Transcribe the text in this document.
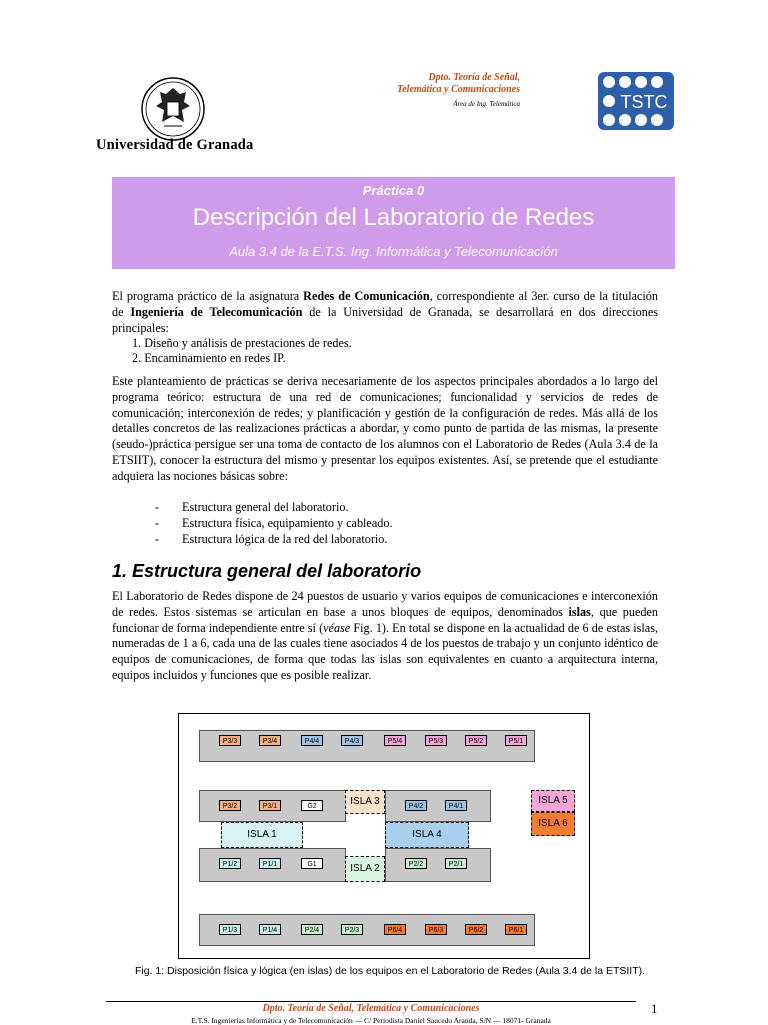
Universidad de Granada
Dpto. Teoría de Señal,
Telemática y Comunicaciones
Área de Ing. Telemática	TSTC
Práctica 0
Descripción del Laboratorio de Redes
Aula 3.4 de la E.T.S. Ing. Informática y Telecomunicación
El programa práctico de la asignatura Redes de Comunicación, correspondiente al 3er. curso de la titulación de Ingeniería de Telecomunicación de la Universidad de Granada, se desarrollará en dos direcciones principales:
1. Diseño y análisis de prestaciones de redes.
2. Encaminamiento en redes IP.
Este planteamiento de prácticas se deriva necesariamente de los aspectos principales abordados a lo largo del programa teórico: estructura de una red de comunicaciones; funcionalidad y servicios de redes de comunicación; interconexión de redes; y planificación y gestión de la configuración de redes. Más allá de los detalles concretos de las realizaciones prácticas a abordar, y como punto de partida de las mismas, la presente (seudo-)práctica persigue ser una toma de contacto de los alumnos con el Laboratorio de Redes (Aula 3.4 de la ETSIIT), conocer la estructura del mismo y presentar los equipos existentes. Así, se pretende que el estudiante adquiera las nociones básicas sobre:
- Estructura general del laboratorio.
- Estructura física, equipamiento y cableado.
- Estructura lógica de la red del laboratorio.
1. Estructura general del laboratorio
El Laboratorio de Redes dispone de 24 puestos de usuario y varios equipos de comunicaciones e interconexión de redes. Estos sistemas se articulan en base a unos bloques de equipos, denominados islas, que pueden funcionar de forma independiente entre sí (véase Fig. 1). En total se dispone en la actualidad de 6 de estas islas, numeradas de 1 a 6, cada una de las cuales tiene asociados 4 de los puestos de trabajo y un conjunto idéntico de equipos de comunicaciones, de forma que todas las islas son equivalentes en cuanto a arquitectura interna, equipos incluidos y funciones que es posible realizar.
ISLA 3
ISLA 1	ISLA 4
ISLA 2
ISLA 5
ISLA 6
P3/3	P3/4	P4/4	P4/3	P5/4	P5/3	P5/2	P5/1
P3/2	P3/1	G2	P4/2	P4/1
P1/2	P1/1	G1	P2/2	P2/1
P1/3	P1/4	P2/4	P2/3	P6/4	P6/3	P6/2	P6/1
Fig. 1: Disposición física y lógica (en islas) de los equipos en el Laboratorio de Redes (Aula 3.4 de la ETSIIT).
Dpto. Teoría de Señal, Telemática y Comunicaciones
E.T.S. Ingenierías Informática y de Telecomunicación — C/ Periodista Daniel Saucedo Aranda, S/N — 18071- Granada
1
